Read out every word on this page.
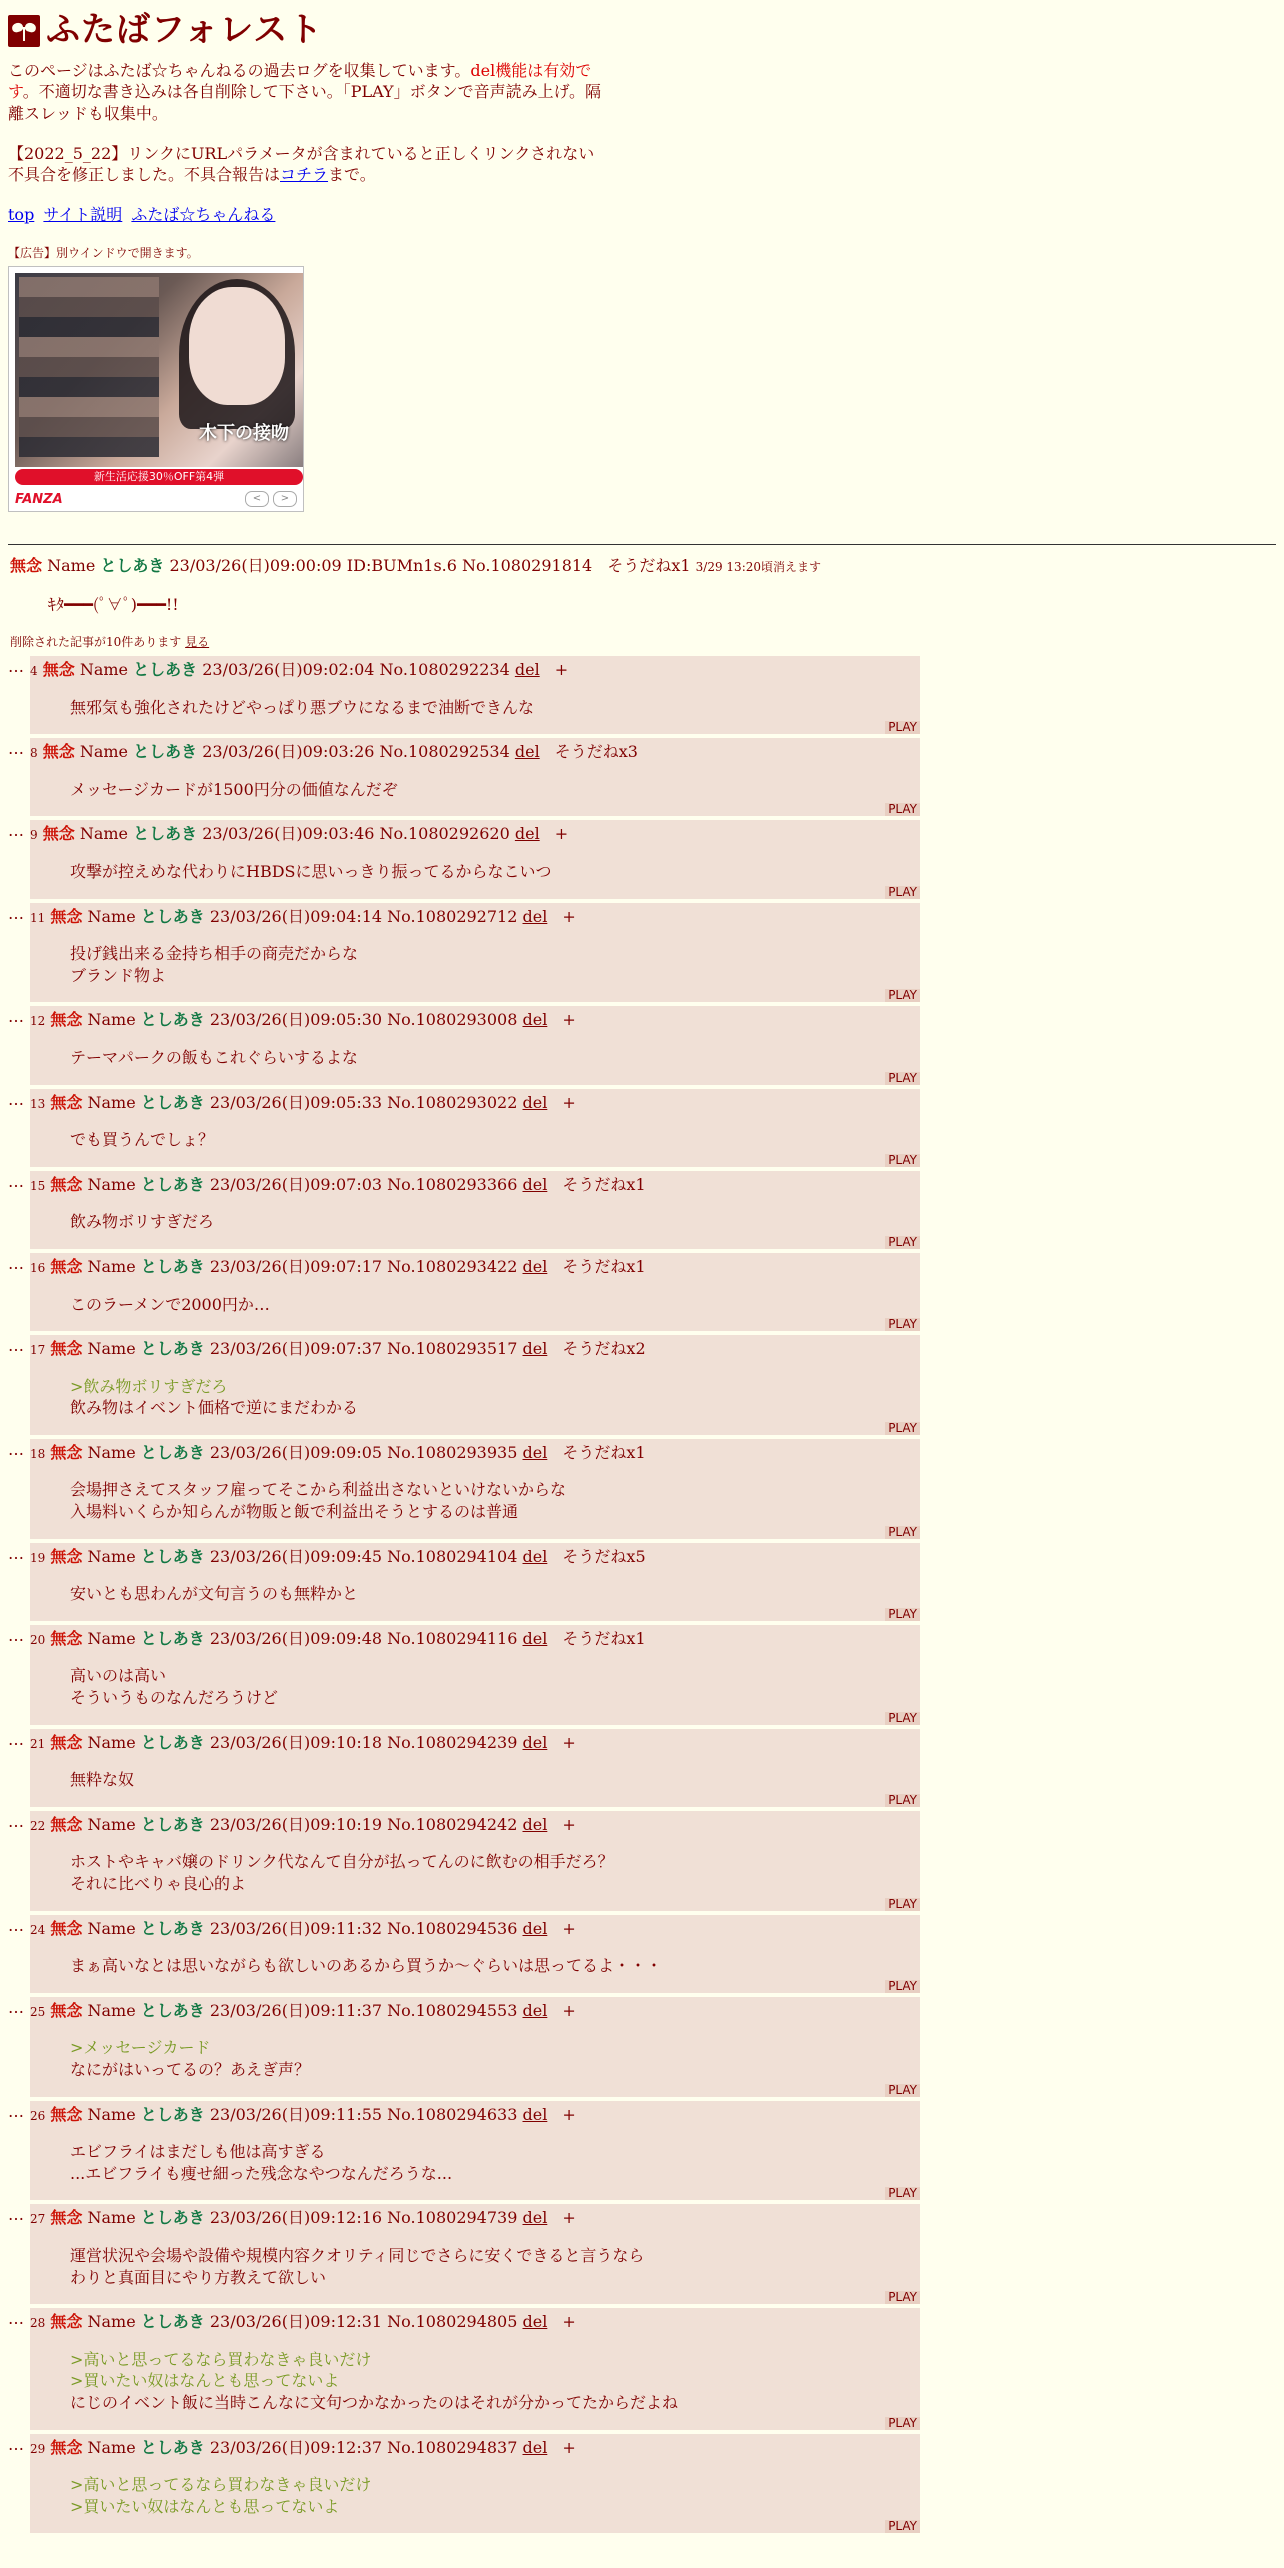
ふたばフォレスト
このページはふたば☆ちゃんねるの過去ログを収集しています。del機能は有効です。不適切な書き込みは各自削除して下さい。「PLAY」ボタンで音声読み上げ。隔離スレッドも収集中。
【2022_5_22】リンクにURLパラメータが含まれていると正しくリンクされない不具合を修正しました。不具合報告はコチラまで。
top サイト説明 ふたば☆ちゃんねる
【広告】別ウインドウで開きます。
木下の接吻
新生活応援30％OFF第4弾
FANZA	<	>
無念 Name としあき 23/03/26(日)09:00:09 ID:BUMn1s.6 No.1080291814 そうだねx1 3/29 13:20頃消えます
ｷﾀ━━━(ﾟ∀ﾟ)━━━!!
削除された記事が10件あります 見る
… 4 無念 Name としあき 23/03/26(日)09:02:04 No.1080292234 del +
無邪気も強化されたけどやっぱり悪ブウになるまで油断できんな
PLAY
… 8 無念 Name としあき 23/03/26(日)09:03:26 No.1080292534 del そうだねx3
メッセージカードが1500円分の価値なんだぞ
PLAY
… 9 無念 Name としあき 23/03/26(日)09:03:46 No.1080292620 del +
攻撃が控えめな代わりにHBDSに思いっきり振ってるからなこいつ
PLAY
… 11 無念 Name としあき 23/03/26(日)09:04:14 No.1080292712 del +
投げ銭出来る金持ち相手の商売だからな
ブランド物よ
PLAY
… 12 無念 Name としあき 23/03/26(日)09:05:30 No.1080293008 del +
テーマパークの飯もこれぐらいするよな
PLAY
… 13 無念 Name としあき 23/03/26(日)09:05:33 No.1080293022 del +
でも買うんでしょ？
PLAY
… 15 無念 Name としあき 23/03/26(日)09:07:03 No.1080293366 del そうだねx1
飲み物ボリすぎだろ
PLAY
… 16 無念 Name としあき 23/03/26(日)09:07:17 No.1080293422 del そうだねx1
このラーメンで2000円か…
PLAY
… 17 無念 Name としあき 23/03/26(日)09:07:37 No.1080293517 del そうだねx2
>飲み物ボリすぎだろ
飲み物はイベント価格で逆にまだわかる
PLAY
… 18 無念 Name としあき 23/03/26(日)09:09:05 No.1080293935 del そうだねx1
会場押さえてスタッフ雇ってそこから利益出さないといけないからな
入場料いくらか知らんが物販と飯で利益出そうとするのは普通
PLAY
… 19 無念 Name としあき 23/03/26(日)09:09:45 No.1080294104 del そうだねx5
安いとも思わんが文句言うのも無粋かと
PLAY
… 20 無念 Name としあき 23/03/26(日)09:09:48 No.1080294116 del そうだねx1
高いのは高い
そういうものなんだろうけど
PLAY
… 21 無念 Name としあき 23/03/26(日)09:10:18 No.1080294239 del +
無粋な奴
PLAY
… 22 無念 Name としあき 23/03/26(日)09:10:19 No.1080294242 del +
ホストやキャバ嬢のドリンク代なんて自分が払ってんのに飲むの相手だろ？
それに比べりゃ良心的よ
PLAY
… 24 無念 Name としあき 23/03/26(日)09:11:32 No.1080294536 del +
まぁ高いなとは思いながらも欲しいのあるから買うか〜ぐらいは思ってるよ・・・
PLAY
… 25 無念 Name としあき 23/03/26(日)09:11:37 No.1080294553 del +
>メッセージカード
なにがはいってるの？あえぎ声？
PLAY
… 26 無念 Name としあき 23/03/26(日)09:11:55 No.1080294633 del +
エビフライはまだしも他は高すぎる
...エビフライも痩せ細った残念なやつなんだろうな...
PLAY
… 27 無念 Name としあき 23/03/26(日)09:12:16 No.1080294739 del +
運営状況や会場や設備や規模内容クオリティ同じでさらに安くできると言うなら
わりと真面目にやり方教えて欲しい
PLAY
… 28 無念 Name としあき 23/03/26(日)09:12:31 No.1080294805 del +
>高いと思ってるなら買わなきゃ良いだけ
>買いたい奴はなんとも思ってないよ
にじのイベント飯に当時こんなに文句つかなかったのはそれが分かってたからだよね
PLAY
… 29 無念 Name としあき 23/03/26(日)09:12:37 No.1080294837 del +
>高いと思ってるなら買わなきゃ良いだけ
>買いたい奴はなんとも思ってないよ
PLAY
